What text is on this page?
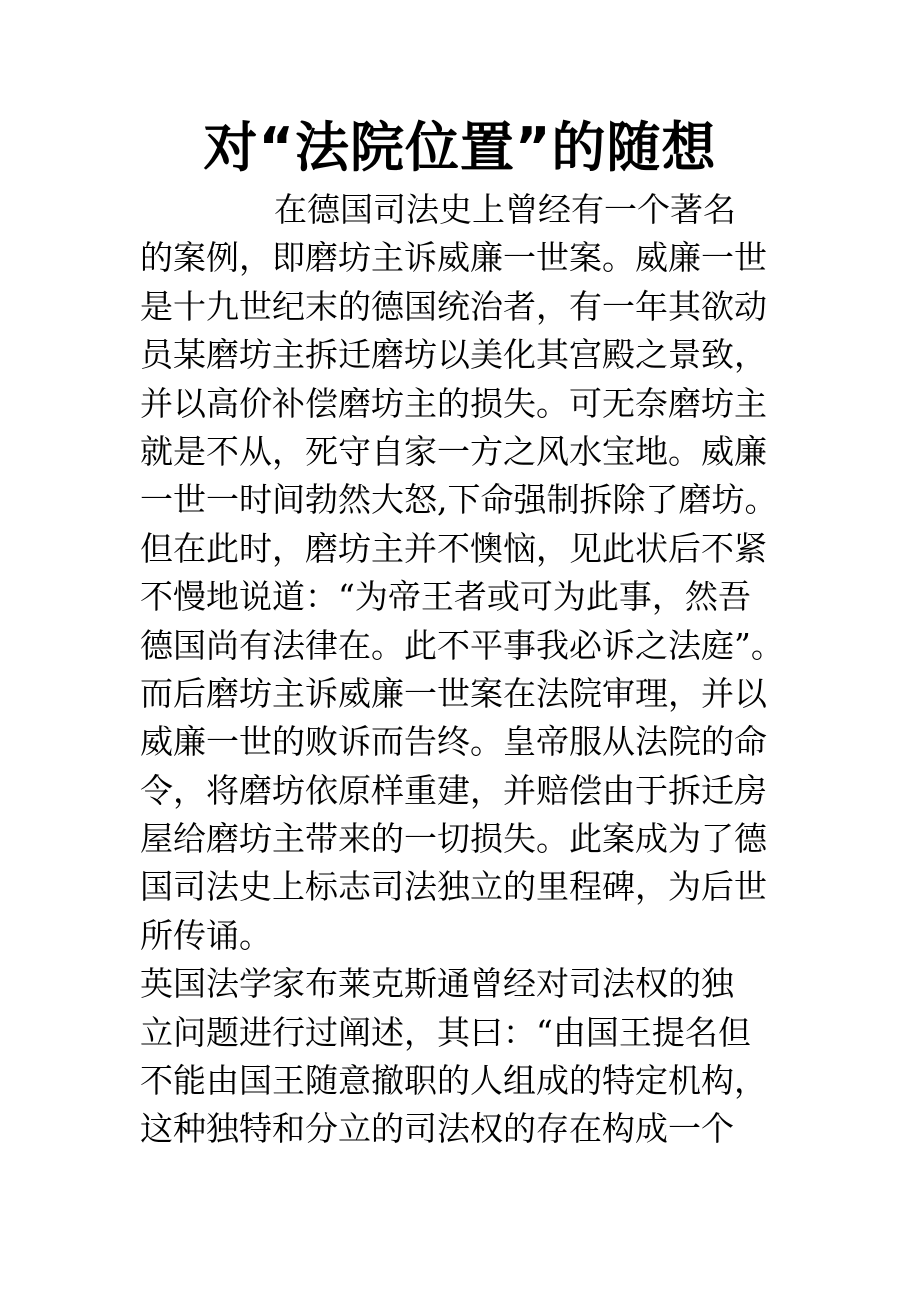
对“法院位置”的随想
在德国司法史上曾经有一个著名
的案例，即磨坊主诉威廉一世案。威廉一世
是十九世纪末的德国统治者，有一年其欲动
员某磨坊主拆迁磨坊以美化其宫殿之景致，
并以高价补偿磨坊主的损失。可无奈磨坊主
就是不从，死守自家一方之风水宝地。威廉
一世一时间勃然大怒,下命强制拆除了磨坊。
但在此时，磨坊主并不懊恼，见此状后不紧
不慢地说道：“为帝王者或可为此事，然吾
德国尚有法律在。此不平事我必诉之法庭”。
而后磨坊主诉威廉一世案在法院审理，并以
威廉一世的败诉而告终。皇帝服从法院的命
令，将磨坊依原样重建，并赔偿由于拆迁房
屋给磨坊主带来的一切损失。此案成为了德
国司法史上标志司法独立的里程碑，为后世
所传诵。
英国法学家布莱克斯通曾经对司法权的独
立问题进行过阐述，其曰：“由国王提名但
不能由国王随意撤职的人组成的特定机构，
这种独特和分立的司法权的存在构成一个
